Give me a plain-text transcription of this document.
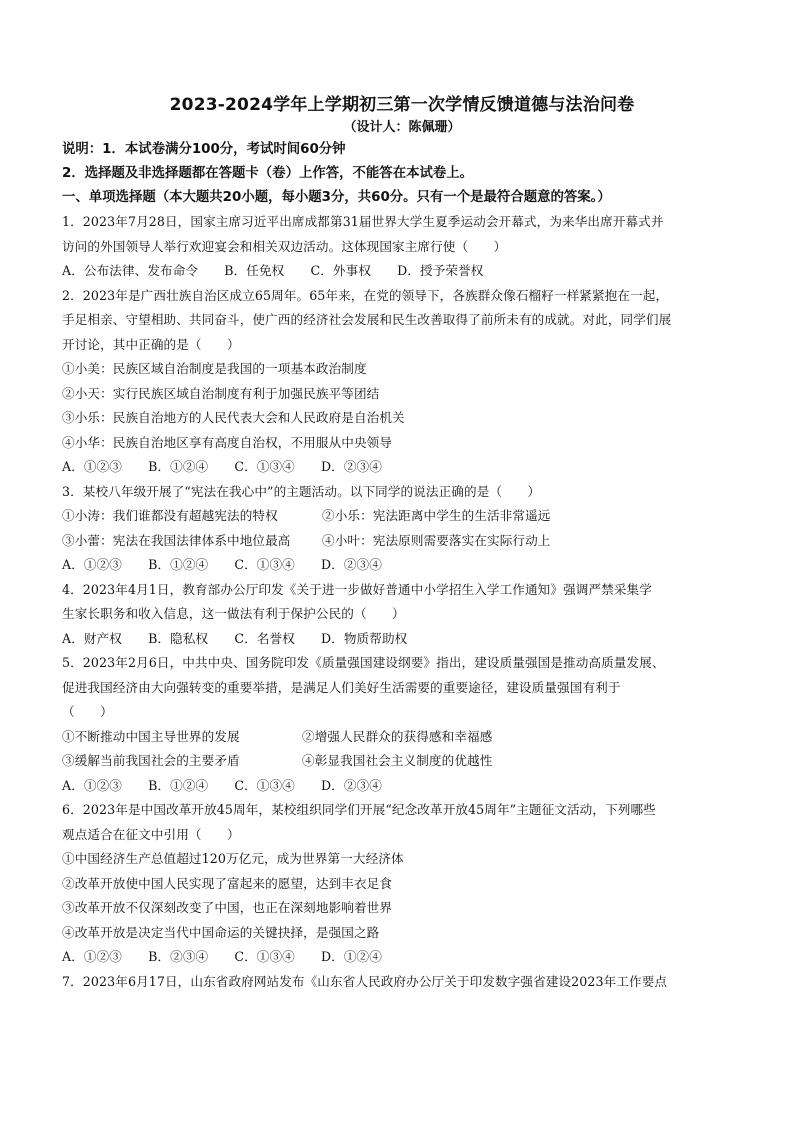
2023-2024学年上学期初三第一次学情反馈道德与法治问卷

（设计人：陈佩珊）

说明：1．本试卷满分100分，考试时间60分钟

2．选择题及非选择题都在答题卡（卷）上作答，不能答在本试卷上。

一、单项选择题（本大题共20小题，每小题3分，共60分。只有一个是最符合题意的答案。）

1．2023年7月28日，国家主席习近平出席成都第31届世界大学生夏季运动会开幕式，为来华出席开幕式并

访问的外国领导人举行欢迎宴会和相关双边活动。这体现国家主席行使（　　）

A．公布法律、发布命令 B．任免权 C．外事权 D．授予荣誉权

2．2023年是广西壮族自治区成立65周年。65年来，在党的领导下，各族群众像石榴籽一样紧紧抱在一起，

手足相亲、守望相助、共同奋斗，使广西的经济社会发展和民生改善取得了前所未有的成就。对此，同学们展

开讨论，其中正确的是（　　）

①小美：民族区域自治制度是我国的一项基本政治制度

②小天：实行民族区域自治制度有利于加强民族平等团结

③小乐：民族自治地方的人民代表大会和人民政府是自治机关

④小华：民族自治地区享有高度自治权，不用服从中央领导

A．①②③ B．①②④ C．①③④ D．②③④

3．某校八年级开展了“宪法在我心中”的主题活动。以下同学的说法正确的是（　　）

①小涛：我们谁都没有超越宪法的特权	②小乐：宪法距离中学生的生活非常遥远

③小蕾：宪法在我国法律体系中地位最高	④小叶：宪法原则需要落实在实际行动上

A．①②③ B．①②④ C．①③④ D．②③④

4．2023年4月1日，教育部办公厅印发《关于进一步做好普通中小学招生入学工作通知》强调严禁采集学

生家长职务和收入信息，这一做法有利于保护公民的（　　）

A．财产权 B．隐私权 C．名誉权 D．物质帮助权

5．2023年2月6日，中共中央、国务院印发《质量强国建设纲要》指出，建设质量强国是推动高质量发展、

促进我国经济由大向强转变的重要举措，是满足人们美好生活需要的重要途径，建设质量强国有利于

（　　）

①不断推动中国主导世界的发展	②增强人民群众的获得感和幸福感

③缓解当前我国社会的主要矛盾	④彰显我国社会主义制度的优越性

A．①②③ B．①②④ C．①③④ D．②③④

6．2023年是中国改革开放45周年，某校组织同学们开展“纪念改革开放45周年”主题征文活动，下列哪些

观点适合在征文中引用（　　）

①中国经济生产总值超过120万亿元，成为世界第一大经济体

②改革开放使中国人民实现了富起来的愿望，达到丰衣足食

③改革开放不仅深刻改变了中国，也正在深刻地影响着世界

④改革开放是决定当代中国命运的关键抉择，是强国之路

A．①②③ B．②③④ C．①③④ D．①②④

7．2023年6月17日，山东省政府网站发布《山东省人民政府办公厅关于印发数字强省建设2023年工作要点
